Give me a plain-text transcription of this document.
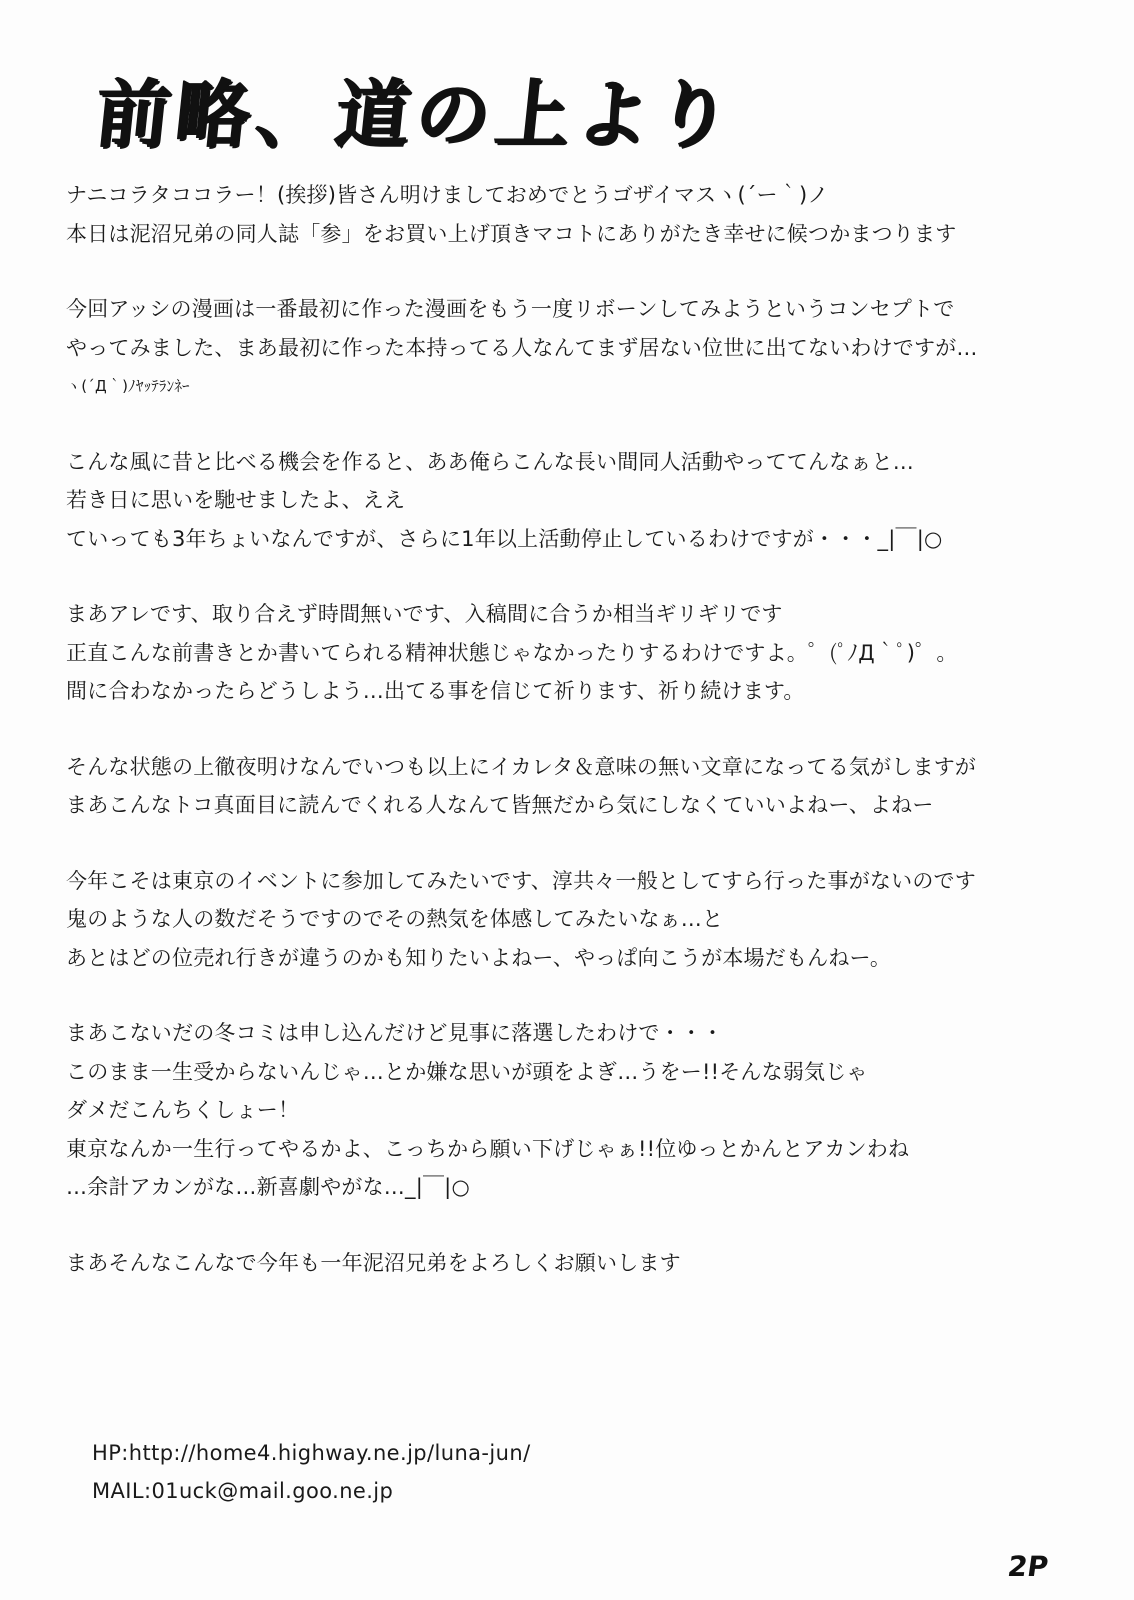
前略、道の上より
ナニコラタココラー！(挨拶)皆さん明けましておめでとうゴザイマスヽ(´ー｀)ノ
本日は泥沼兄弟の同人誌「参」をお買い上げ頂きマコトにありがたき幸せに候つかまつります
今回アッシの漫画は一番最初に作った漫画をもう一度リボーンしてみようというコンセプトで
やってみました、まあ最初に作った本持ってる人なんてまず居ない位世に出てないわけですが…
ヽ(´Д｀)ﾉﾔｯﾃﾗﾝﾈｰ
こんな風に昔と比べる機会を作ると、ああ俺らこんな長い間同人活動やっててんなぁと…
若き日に思いを馳せましたよ、ええ
ていっても3年ちょいなんですが、さらに1年以上活動停止しているわけですが・・・_|￣|○
まあアレです、取り合えず時間無いです、入稿間に合うか相当ギリギリです
正直こんな前書きとか書いてられる精神状態じゃなかったりするわけですよ。゜(ﾟﾉД｀ﾟ)゜。
間に合わなかったらどうしよう…出てる事を信じて祈ります、祈り続けます。
そんな状態の上徹夜明けなんでいつも以上にイカレタ＆意味の無い文章になってる気がしますが
まあこんなトコ真面目に読んでくれる人なんて皆無だから気にしなくていいよねー、よねー
今年こそは東京のイベントに参加してみたいです、淳共々一般としてすら行った事がないのです
鬼のような人の数だそうですのでその熱気を体感してみたいなぁ…と
あとはどの位売れ行きが違うのかも知りたいよねー、やっぱ向こうが本場だもんねー。
まあこないだの冬コミは申し込んだけど見事に落選したわけで・・・
このまま一生受からないんじゃ…とか嫌な思いが頭をよぎ…うをー!!そんな弱気じゃ
ダメだこんちくしょー！
東京なんか一生行ってやるかよ、こっちから願い下げじゃぁ!!位ゆっとかんとアカンわね
…余計アカンがな…新喜劇やがな…_|￣|○
まあそんなこんなで今年も一年泥沼兄弟をよろしくお願いします
HP:http://home4.highway.ne.jp/luna-jun/
MAIL:01uck@mail.goo.ne.jp
2P
